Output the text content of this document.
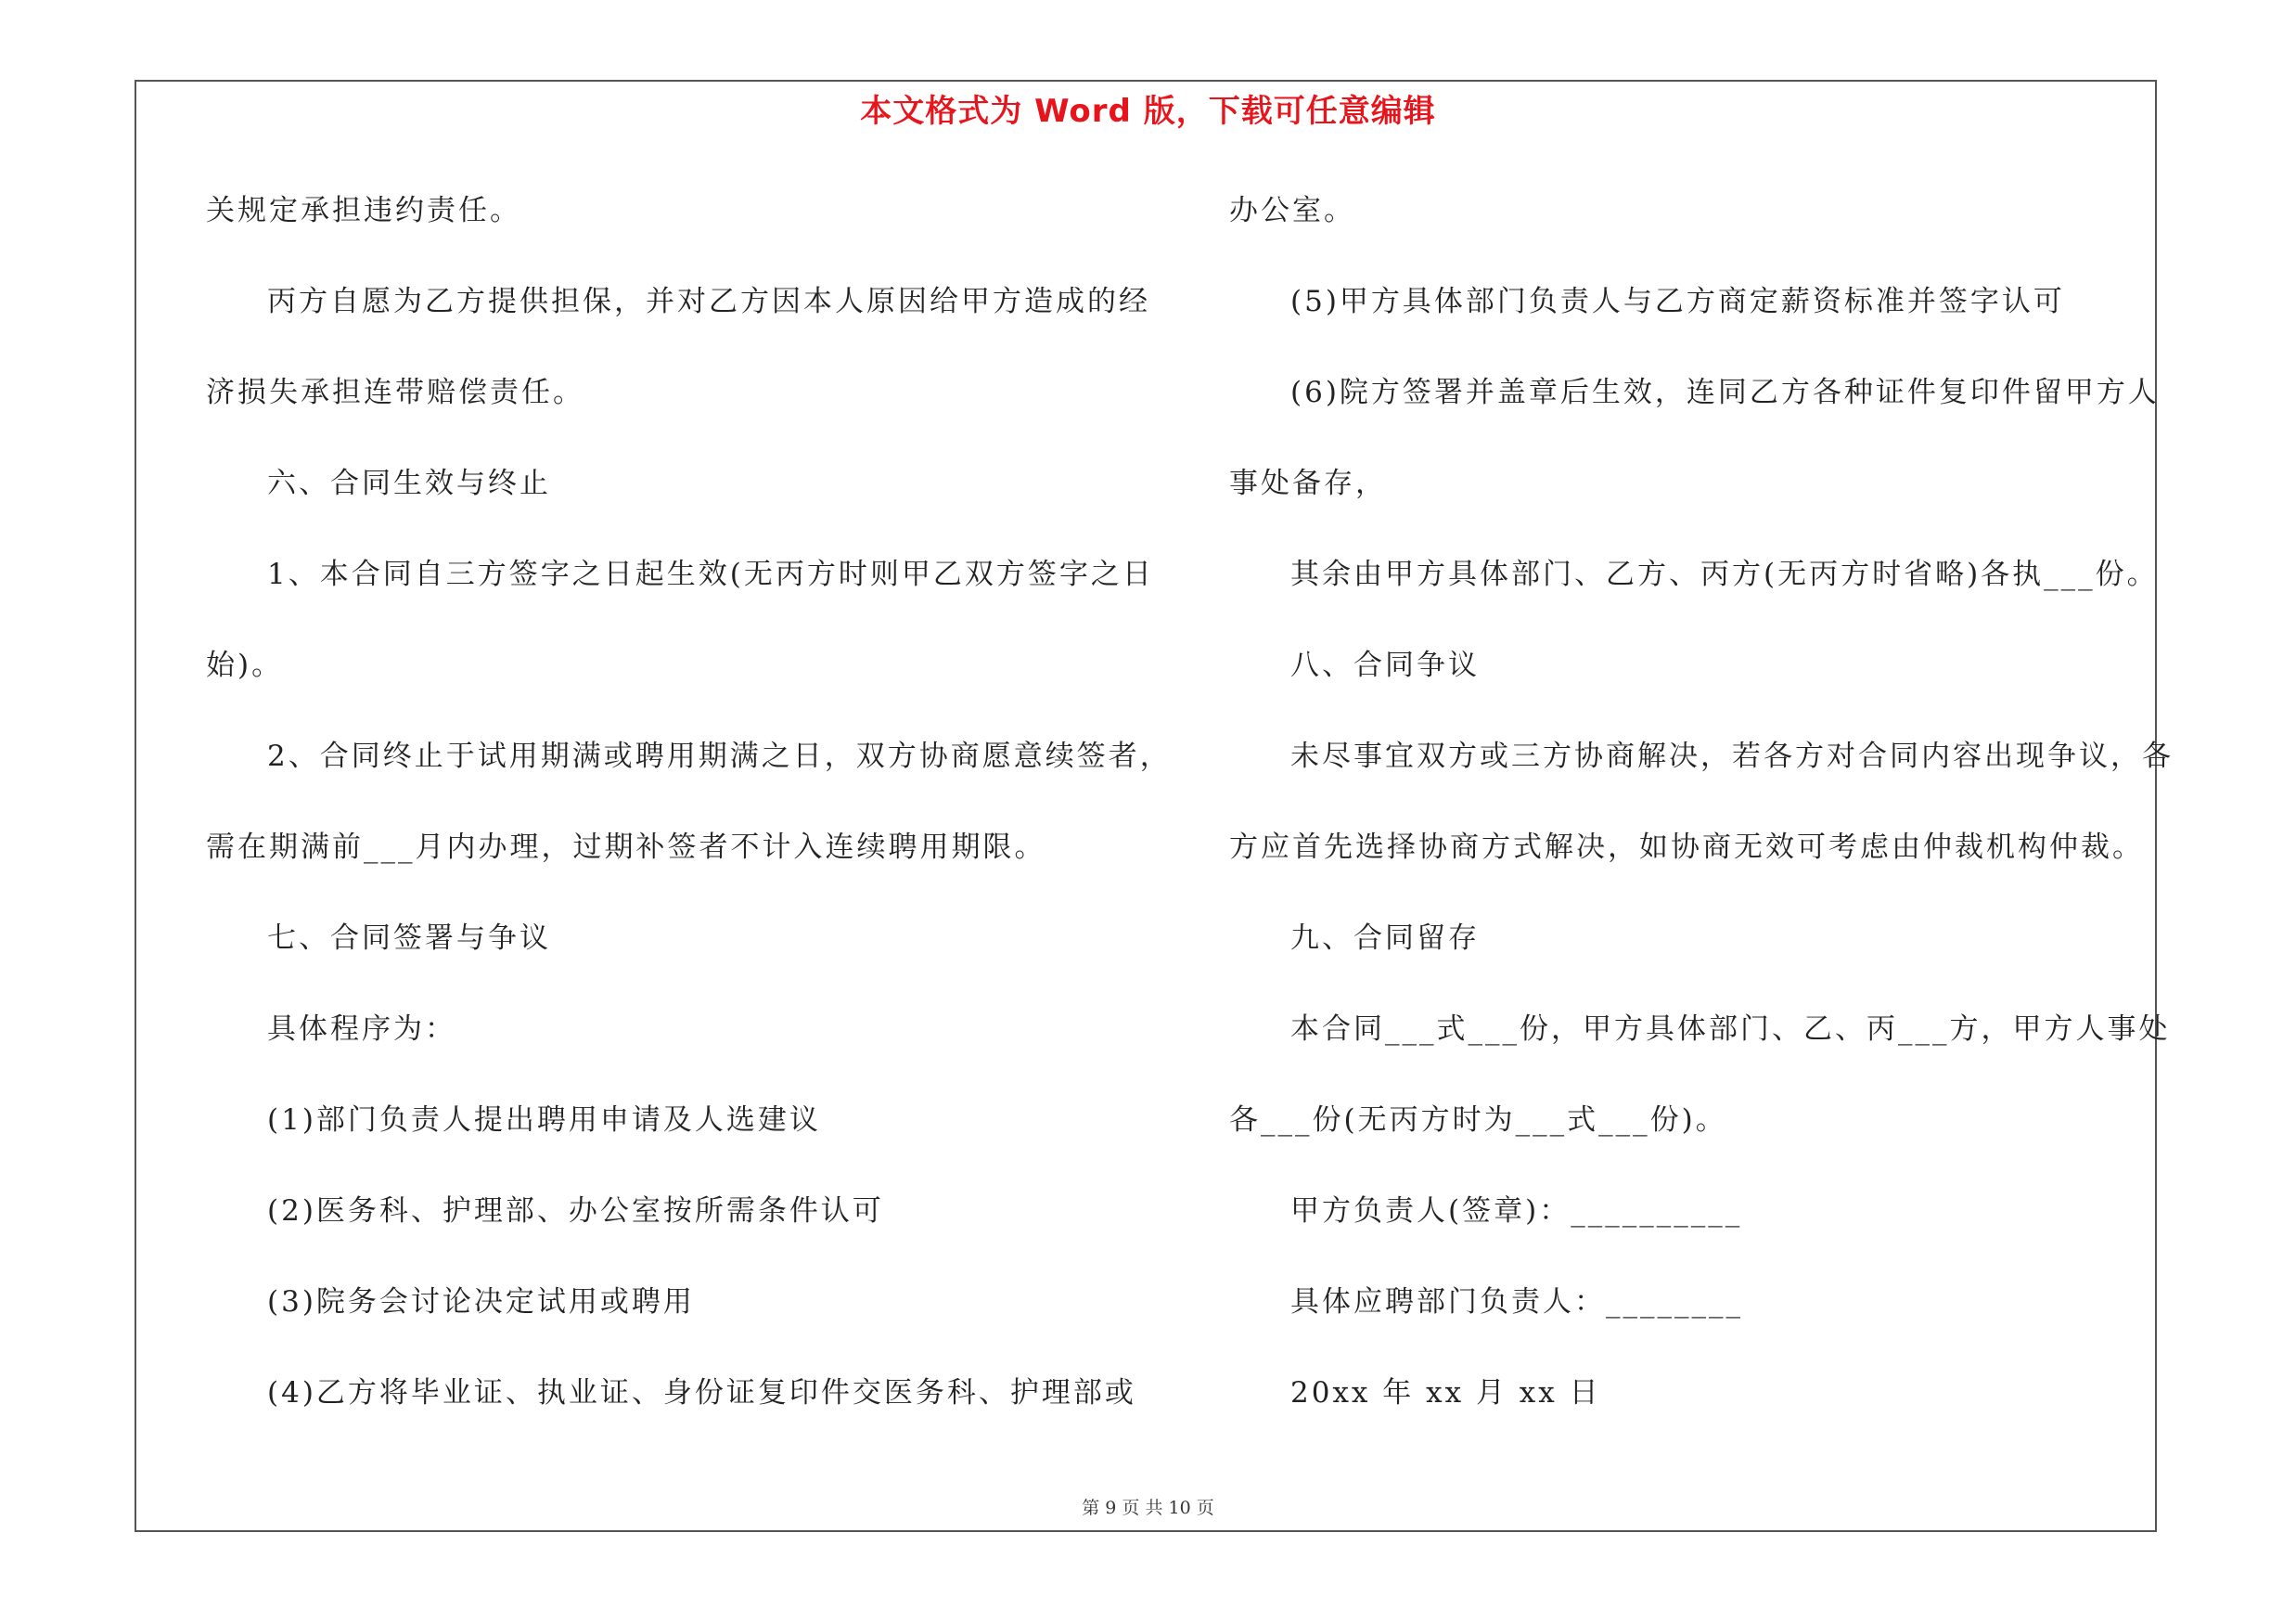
本文格式为 Word 版，下载可任意编辑
关规定承担违约责任。
丙方自愿为乙方提供担保，并对乙方因本人原因给甲方造成的经
济损失承担连带赔偿责任。
六、合同生效与终止
1、本合同自三方签字之日起生效(无丙方时则甲乙双方签字之日
始)。
2、合同终止于试用期满或聘用期满之日，双方协商愿意续签者，
需在期满前___月内办理，过期补签者不计入连续聘用期限。
七、合同签署与争议
具体程序为：
(1)部门负责人提出聘用申请及人选建议
(2)医务科、护理部、办公室按所需条件认可
(3)院务会讨论决定试用或聘用
(4)乙方将毕业证、执业证、身份证复印件交医务科、护理部或
办公室。
(5)甲方具体部门负责人与乙方商定薪资标准并签字认可
(6)院方签署并盖章后生效，连同乙方各种证件复印件留甲方人
事处备存，
其余由甲方具体部门、乙方、丙方(无丙方时省略)各执___份。
八、合同争议
未尽事宜双方或三方协商解决，若各方对合同内容出现争议，各
方应首先选择协商方式解决，如协商无效可考虑由仲裁机构仲裁。
九、合同留存
本合同___式___份，甲方具体部门、乙、丙___方，甲方人事处
各___份(无丙方时为___式___份)。
甲方负责人(签章)：__________
具体应聘部门负责人：________
20xx 年 xx 月 xx 日
第 9 页 共 10 页
